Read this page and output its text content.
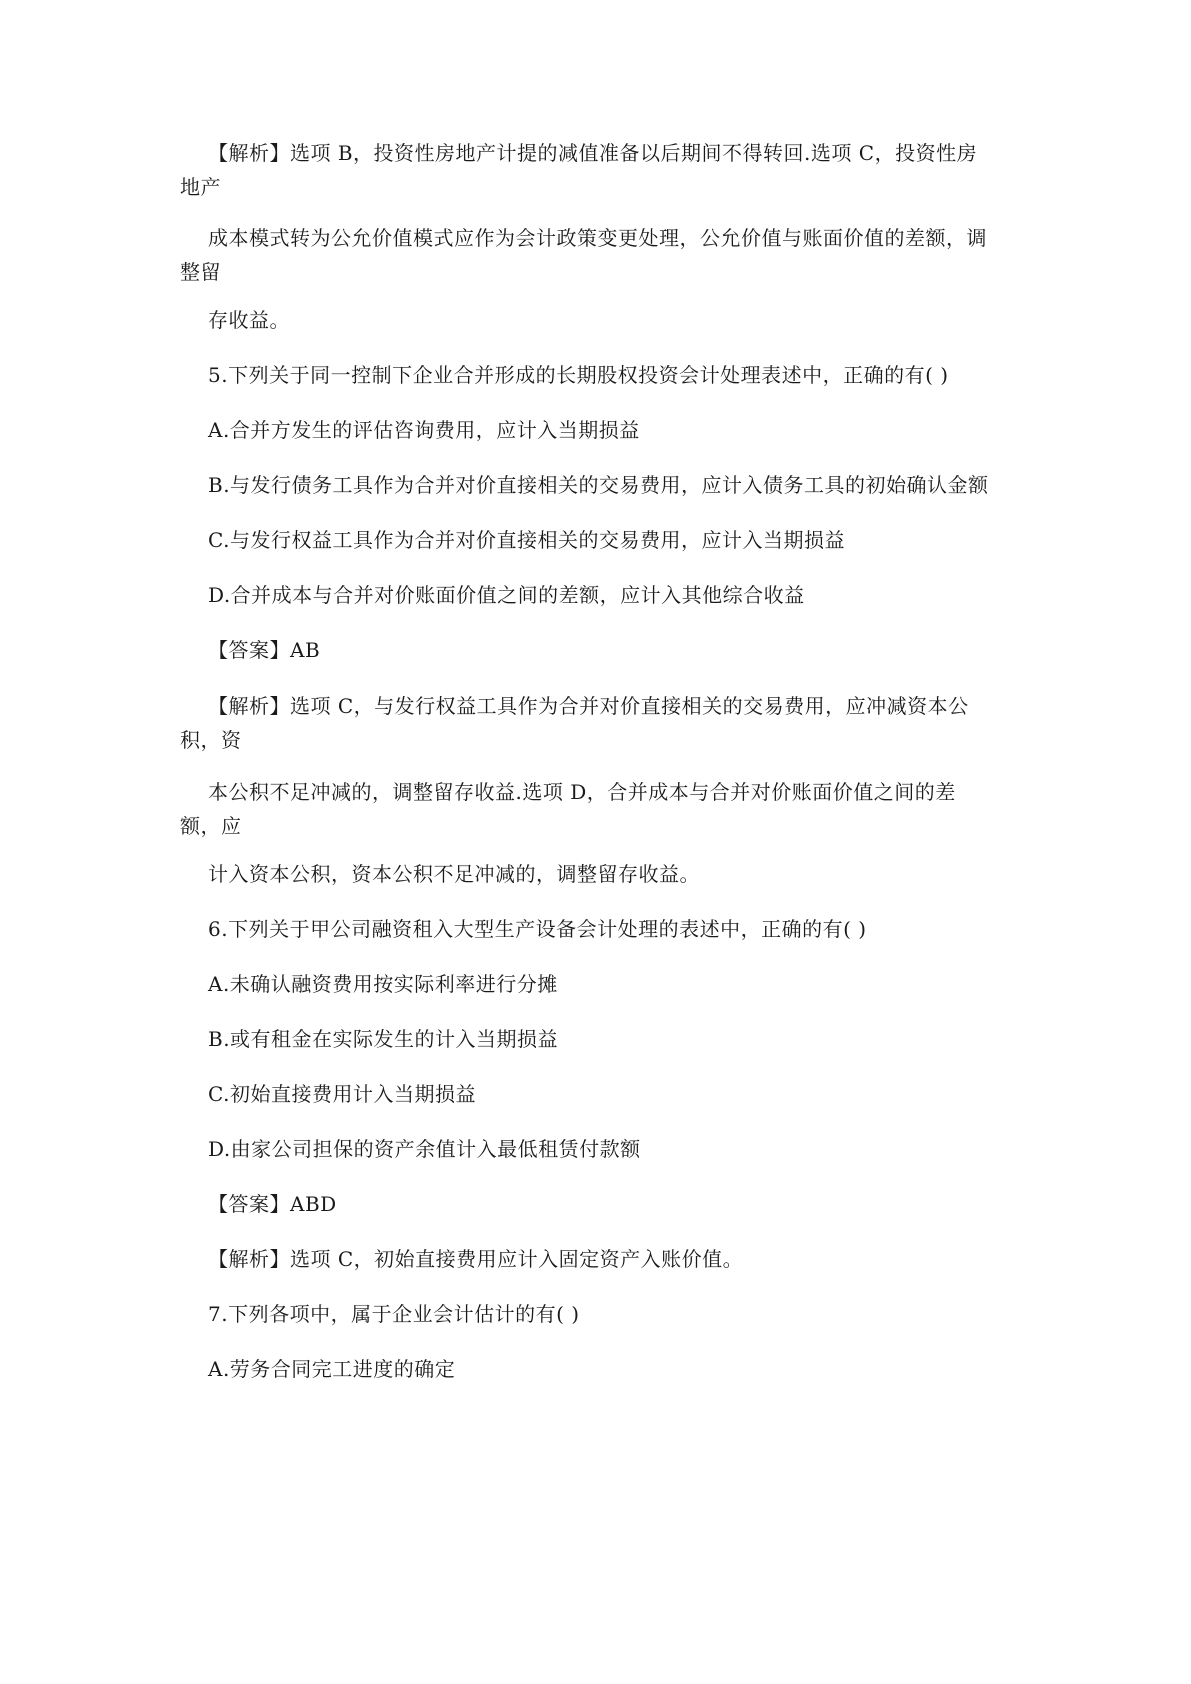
【解析】选项 B，投资性房地产计提的减值准备以后期间不得转回.选项 C，投资性房地产
成本模式转为公允价值模式应作为会计政策变更处理，公允价值与账面价值的差额，调整留
存收益。
5.下列关于同一控制下企业合并形成的长期股权投资会计处理表述中，正确的有( )
A.合并方发生的评估咨询费用，应计入当期损益
B.与发行债务工具作为合并对价直接相关的交易费用，应计入债务工具的初始确认金额
C.与发行权益工具作为合并对价直接相关的交易费用，应计入当期损益
D.合并成本与合并对价账面价值之间的差额，应计入其他综合收益
【答案】AB
【解析】选项 C，与发行权益工具作为合并对价直接相关的交易费用，应冲减资本公积，资
本公积不足冲减的，调整留存收益.选项 D，合并成本与合并对价账面价值之间的差额，应
计入资本公积，资本公积不足冲减的，调整留存收益。
6.下列关于甲公司融资租入大型生产设备会计处理的表述中，正确的有( )
A.未确认融资费用按实际利率进行分摊
B.或有租金在实际发生的计入当期损益
C.初始直接费用计入当期损益
D.由家公司担保的资产余值计入最低租赁付款额
【答案】ABD
【解析】选项 C，初始直接费用应计入固定资产入账价值。
7.下列各项中，属于企业会计估计的有( )
A.劳务合同完工进度的确定
